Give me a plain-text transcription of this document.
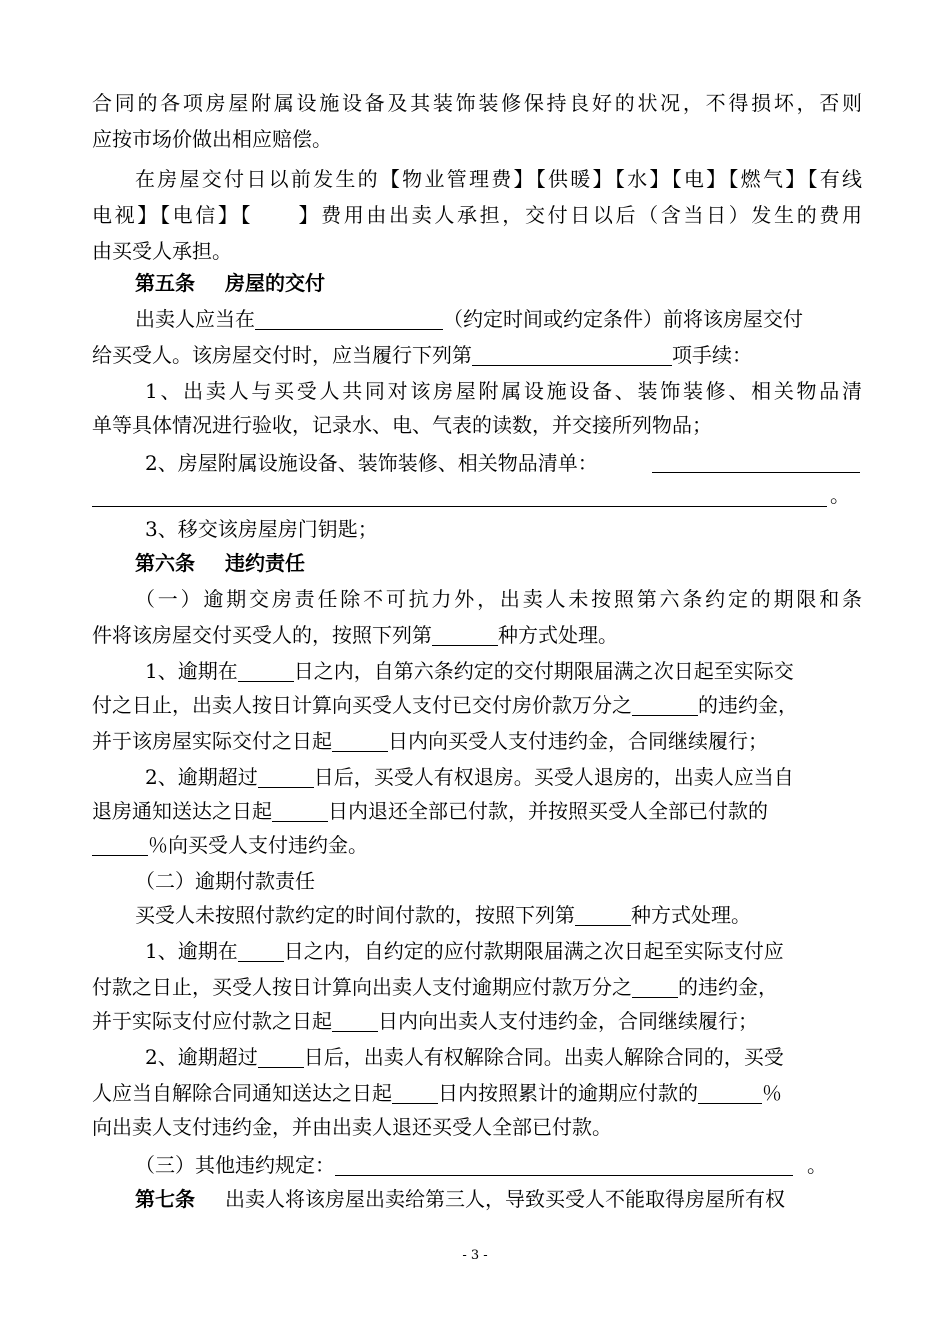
合同的各项房屋附属设施设备及其装饰装修保持良好的状况，不得损坏，否则
应按市场价做出相应赔偿。
在房屋交付日以前发生的【物业管理费】【供暖】【水】【电】【燃气】【有线
电视】【电信】【　　】费用由出卖人承担，交付日以后（含当日）发生的费用
由买受人承担。
第五条 房屋的交付
出卖人应当在	（约定时间或约定条件）前将该房屋交付
给买受人。该房屋交付时，应当履行下列第	项手续：
1、出卖人与买受人共同对该房屋附属设施设备、装饰装修、相关物品清
单等具体情况进行验收，记录水、电、气表的读数，并交接所列物品；
2、房屋附属设施设备、装饰装修、相关物品清单：
。
3、移交该房屋房门钥匙；
第六条 违约责任
（一）逾期交房责任除不可抗力外，出卖人未按照第六条约定的期限和条
件将该房屋交付买受人的，按照下列第	种方式处理。
1、逾期在	日之内，自第六条约定的交付期限届满之次日起至实际交
付之日止，出卖人按日计算向买受人支付已交付房价款万分之	的违约金，
并于该房屋实际交付之日起	日内向买受人支付违约金，合同继续履行；
2、逾期超过	日后，买受人有权退房。买受人退房的，出卖人应当自
退房通知送达之日起	日内退还全部已付款，并按照买受人全部已付款的
％向买受人支付违约金。
（二）逾期付款责任
买受人未按照付款约定的时间付款的，按照下列第	种方式处理。
1、逾期在 日之内，自约定的应付款期限届满之次日起至实际支付应
付款之日止，买受人按日计算向出卖人支付逾期应付款万分之 的违约金，
并于实际支付应付款之日起 日内向出卖人支付违约金，合同继续履行；
2、逾期超过 日后，出卖人有权解除合同。出卖人解除合同的，买受
人应当自解除合同通知送达之日起 日内按照累计的逾期应付款的	％
向出卖人支付违约金，并由出卖人退还买受人全部已付款。
（三）其他违约规定：	。
第七条 出卖人将该房屋出卖给第三人，导致买受人不能取得房屋所有权
- 3 -
